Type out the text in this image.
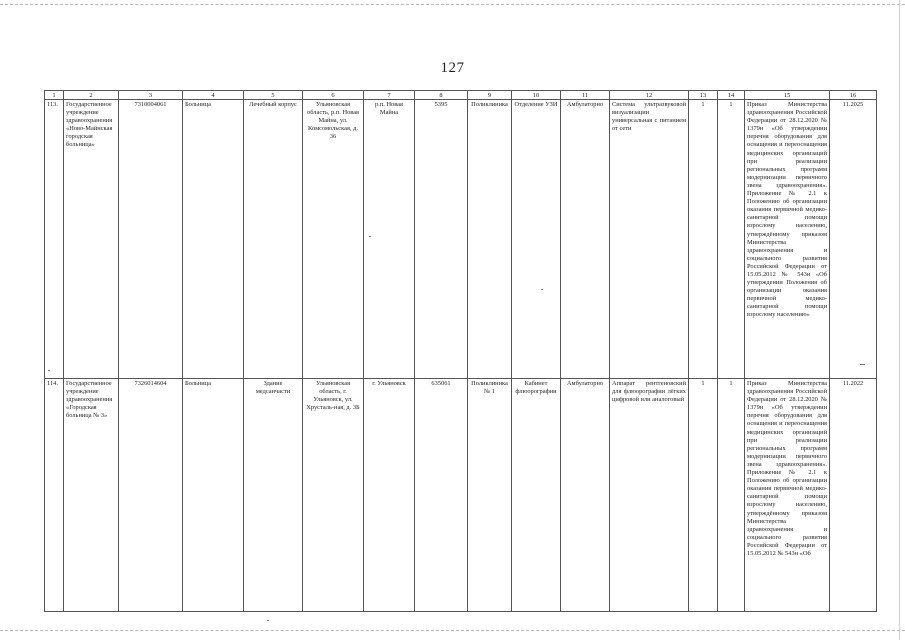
127
1	2	3	4	5	6	7	8	9	10	11	12	13	14	15	16
113.	Государственное учреждение здравоохранения «Ново-Майнская городская больница»	7310004061	Больница	Лечебный корпус	Ульяновская область, р.п. Новая Майна, ул. Комсомольская, д. 36	р.п. Новая Майна	5395	Поликлиника	Отделение УЗИ	Амбулаторно	Система ультразвуковой визуализации универсальная с питанием от сети	1	1	Приказ Министерства здравоохранения Российской Федерации от 28.12.2020 № 1379н «Об утверждении перечня оборудования для оснащения и переоснащения медицинских организаций при реализации региональных программ модернизации первичного звена здравоохранения». Приложение № 2.1 к Положению об организации оказания первичной медико-санитарной помощи взрослому населению, утверждённому приказом Министерства здравоохранения и социального развития Российской Федерации от 15.05.2012 № 543н «Об утверждении Положения об организации оказания первичной медико-санитарной помощи взрослому населению»	11.2025
114.	Государственное учреждение здравоохранения «Городская больница № 3»	7326014604	Больница	Здание медсанчасти	Ульяновская область, г. Ульяновск, ул. Хрусталь-ная, д. 3Б	г. Ульяновск	635061	Поликлиника № 1	Кабинет флюорографии	Амбулаторно	Аппарат рентгеновский для флюорографии лёгких цифровой или аналоговый	1	1	Приказ Министерства здравоохранения Российской Федерации от 28.12.2020 № 1379н «Об утверждении перечня оборудования для оснащения и переоснащения медицинских организаций при реализации региональных программ модернизации первичного звена здравоохранения». Приложение № 2.1 к Положению об организации оказания первичной медико-санитарной помощи взрослому населению, утверждённому приказом Министерства здравоохранения и социального развития Российской Федерации от 15.05.2012 № 543н «Об	11.2022
